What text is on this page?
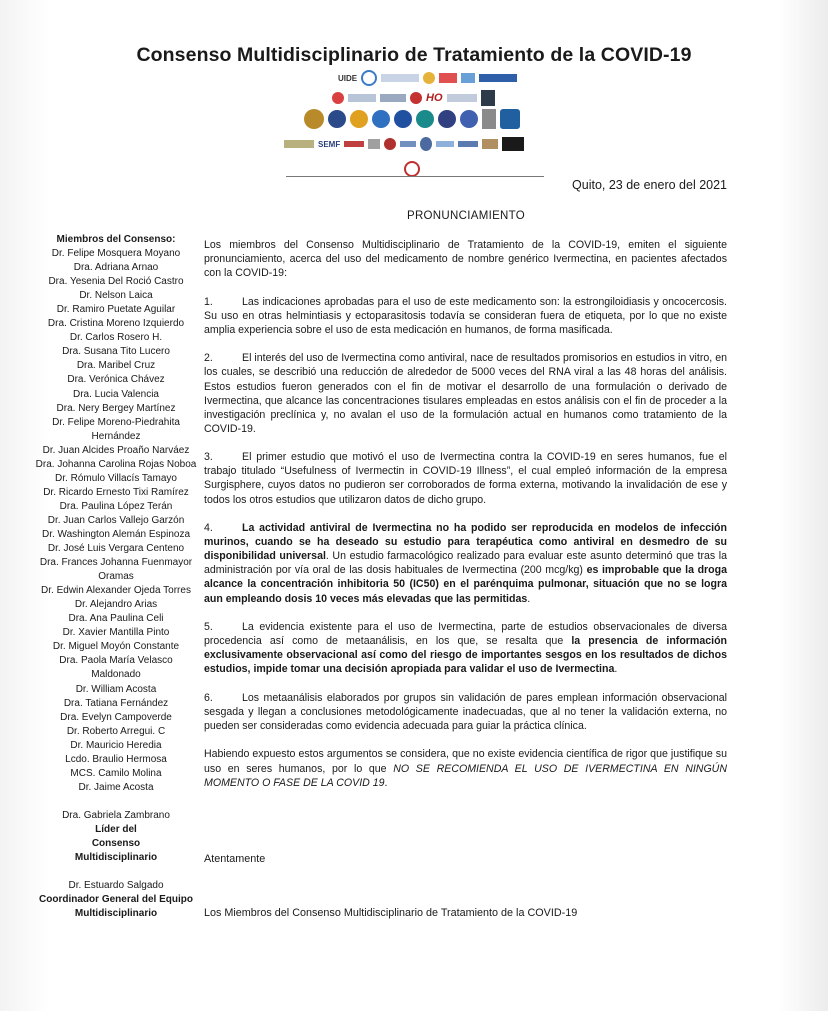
Consenso Multidisciplinario de Tratamiento de la COVID-19
UIDE
HO
SEMF
Quito, 23 de enero del 2021
PRONUNCIAMIENTO
Miembros del Consenso:
Dr. Felipe Mosquera Moyano
Dra. Adriana Arnao
Dra. Yesenia Del Roció Castro
Dr. Nelson Laica
Dr. Ramiro Puetate Aguilar
Dra. Cristina Moreno Izquierdo
Dr. Carlos Rosero H.
Dra. Susana Tito Lucero
Dra. Maribel Cruz
Dra. Verónica Chávez
Dra. Lucia Valencia
Dra. Nery Bergey Martínez
Dr. Felipe Moreno-Piedrahita Hernández
Dr. Juan Alcides Proaño Narváez
Dra. Johanna Carolina Rojas Noboa
Dr. Rómulo Villacís Tamayo
Dr. Ricardo Ernesto Tixi Ramírez
Dra. Paulina López Terán
Dr. Juan Carlos Vallejo Garzón
Dr. Washington Alemán Espinoza
Dr. José Luis Vergara Centeno
Dra. Frances Johanna Fuenmayor Oramas
Dr. Edwin Alexander Ojeda Torres
Dr. Alejandro Arias
Dra. Ana Paulina Celi
Dr. Xavier Mantilla Pinto
Dr. Miguel Moyón Constante
Dra. Paola María Velasco Maldonado
Dr. William Acosta
Dra. Tatiana Fernández
Dra. Evelyn Campoverde
Dr. Roberto Arregui. C
Dr. Mauricio Heredia
Lcdo. Braulio Hermosa
MCS. Camilo Molina
Dr. Jaime Acosta
Dra. Gabriela Zambrano
Líder del Consenso Multidisciplinario
Dr. Estuardo Salgado
Coordinador General del Equipo Multidisciplinario

Los miembros del Consenso Multidisciplinario de Tratamiento de la COVID-19, emiten el siguiente pronunciamiento, acerca del uso del medicamento de nombre genérico Ivermectina, en pacientes afectados con la COVID-19:

1.	Las indicaciones aprobadas para el uso de este medicamento son: la estrongiloidiasis y oncocercosis. Su uso en otras helmintiasis y ectoparasitosis todavía se consideran fuera de etiqueta, por lo que no existe amplia experiencia sobre el uso de esta medicación en humanos, de forma masificada.

2.	El interés del uso de Ivermectina como antiviral, nace de resultados promisorios en estudios in vitro, en los cuales, se describió una reducción de alrededor de 5000 veces del RNA viral a las 48 horas del análisis. Estos estudios fueron generados con el fin de motivar el desarrollo de una formulación o derivado de Ivermectina, que alcance las concentraciones tisulares empleadas en estos análisis con el fin de proceder a la investigación preclínica y, no avalan el uso de la formulación actual en humanos como tratamiento de la COVID-19.

3.	El primer estudio que motivó el uso de Ivermectina contra la COVID-19 en seres humanos, fue el trabajo titulado “Usefulness of Ivermectin in COVID-19 Illness”, el cual empleó información de la empresa Surgisphere, cuyos datos no pudieron ser corroborados de forma externa, motivando la invalidación de ese y todos los otros estudios que utilizaron datos de dicho grupo.

4.	La actividad antiviral de Ivermectina no ha podido ser reproducida en modelos de infección murinos, cuando se ha deseado su estudio para terapéutica como antiviral en desmedro de su disponibilidad universal. Un estudio farmacológico realizado para evaluar este asunto determinó que tras la administración por vía oral de las dosis habituales de Ivermectina (200 mcg/kg) es improbable que la droga alcance la concentración inhibitoria 50 (IC50) en el parénquima pulmonar, situación que no se logra aun empleando dosis 10 veces más elevadas que las permitidas.

5.	La evidencia existente para el uso de Ivermectina, parte de estudios observacionales de diversa procedencia así como de metaanálisis, en los que, se resalta que la presencia de información exclusivamente observacional así como del riesgo de importantes sesgos en los resultados de dichos estudios, impide tomar una decisión apropiada para validar el uso de Ivermectina.

6.	Los metaanálisis elaborados por grupos sin validación de pares emplean información observacional sesgada y llegan a conclusiones metodológicamente inadecuadas, que al no tener la validación externa, no pueden ser consideradas como evidencia adecuada para guiar la práctica clínica.

Habiendo expuesto estos argumentos se considera, que no existe evidencia científica de rigor que justifique su uso en seres humanos, por lo que NO SE RECOMIENDA EL USO DE IVERMECTINA EN NINGÚN MOMENTO O FASE DE LA COVID 19.

Atentamente
Los Miembros del Consenso Multidisciplinario de Tratamiento de la COVID-19
